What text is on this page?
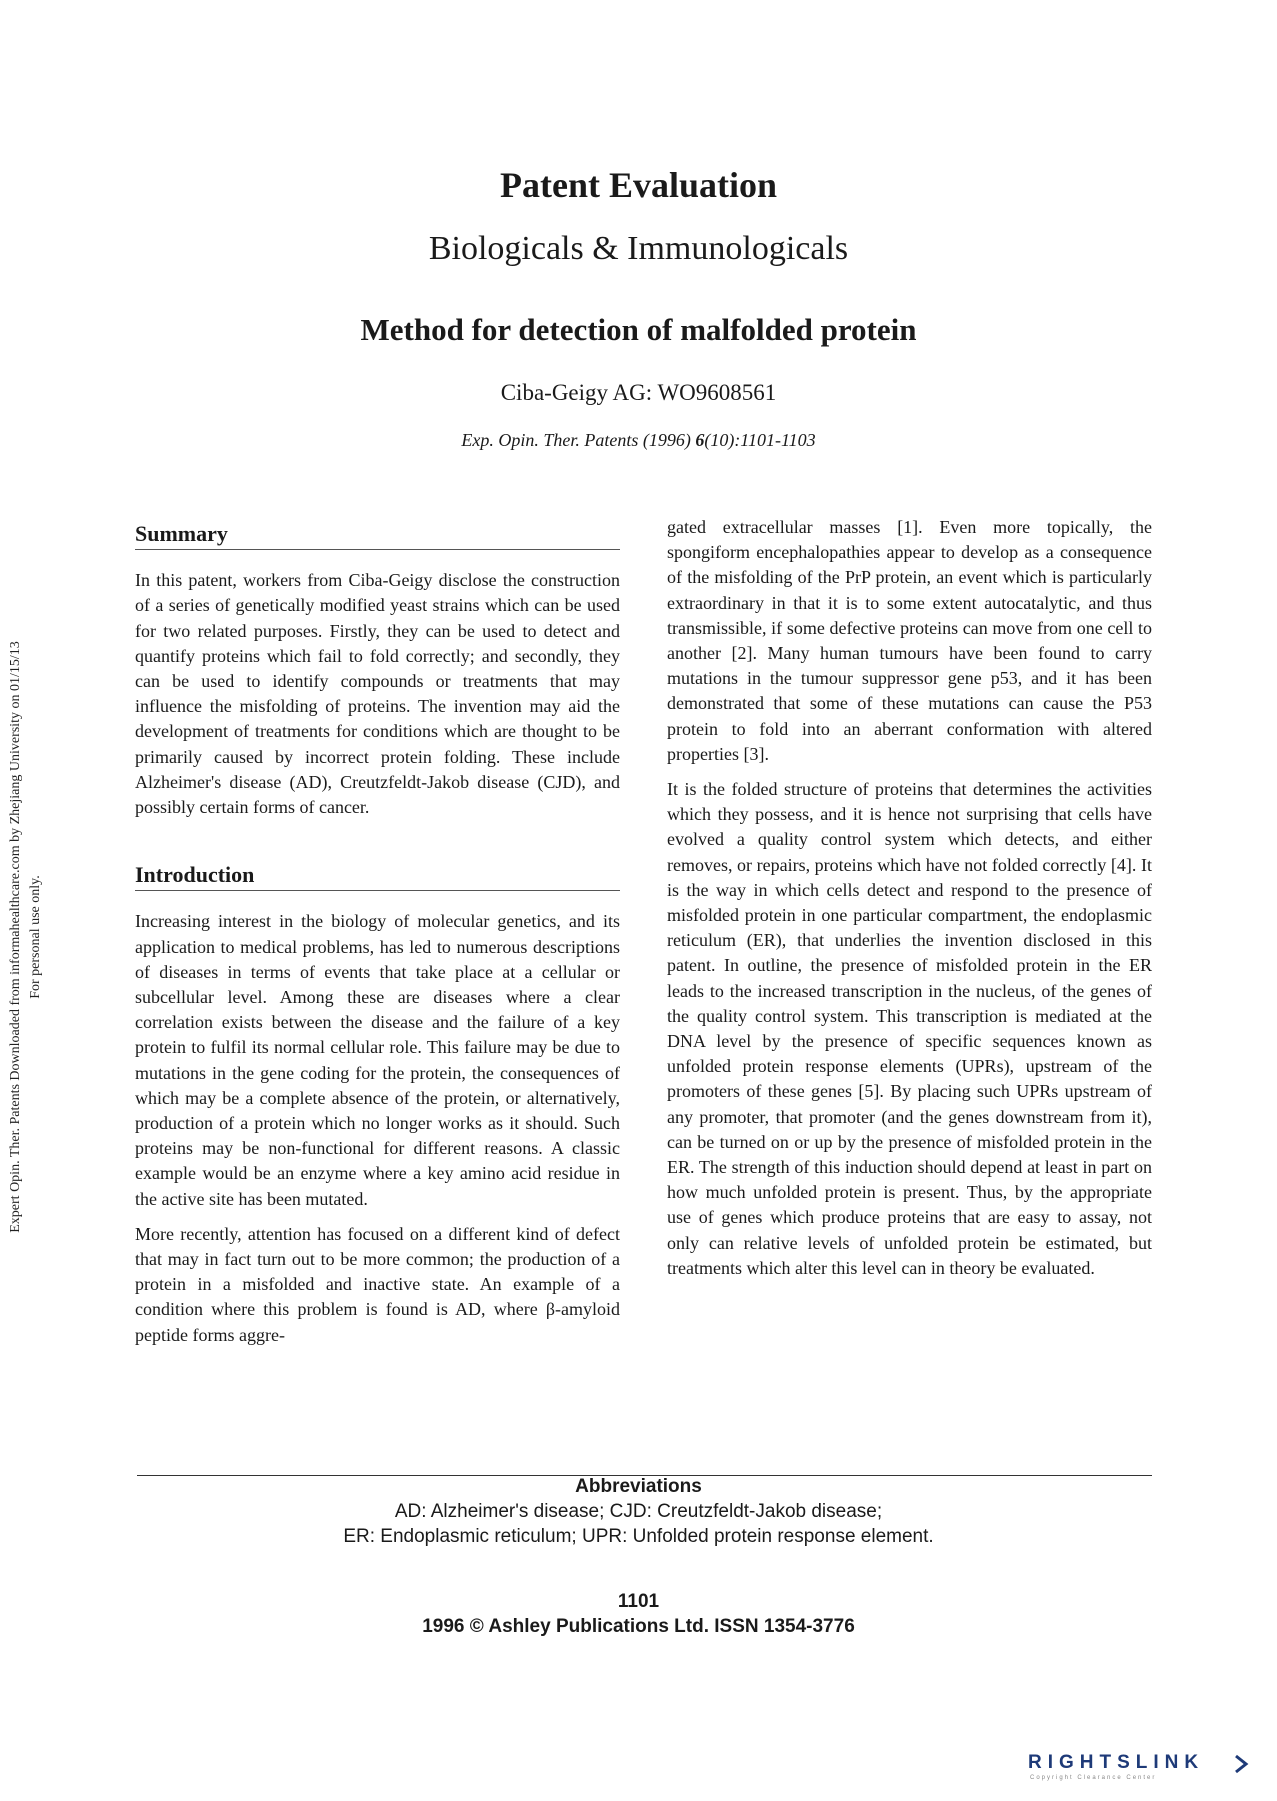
Expert Opin. Ther. Patents Downloaded from informahealthcare.com by Zhejiang University on 01/15/13 For personal use only.
Patent Evaluation
Biologicals & Immunologicals
Method for detection of malfolded protein
Ciba-Geigy AG: WO9608561
Exp. Opin. Ther. Patents (1996) 6(10):1101-1103
Summary

In this patent, workers from Ciba-Geigy disclose the construction of a series of genetically modified yeast strains which can be used for two related purposes. Firstly, they can be used to detect and quantify proteins which fail to fold correctly; and secondly, they can be used to identify compounds or treatments that may influence the misfolding of proteins. The invention may aid the development of treatments for conditions which are thought to be primarily caused by incorrect protein folding. These include Alzheimer's disease (AD), Creutzfeldt-Jakob disease (CJD), and possibly certain forms of cancer.

Introduction

Increasing interest in the biology of molecular genetics, and its application to medical problems, has led to numerous descriptions of diseases in terms of events that take place at a cellular or subcellular level. Among these are diseases where a clear correlation exists between the disease and the failure of a key protein to fulfil its normal cellular role. This failure may be due to mutations in the gene coding for the protein, the consequences of which may be a complete absence of the protein, or alternatively, production of a protein which no longer works as it should. Such proteins may be non-functional for different reasons. A classic example would be an enzyme where a key amino acid residue in the active site has been mutated.

More recently, attention has focused on a different kind of defect that may in fact turn out to be more common; the production of a protein in a misfolded and inactive state. An example of a condition where this problem is found is AD, where β-amyloid peptide forms aggre-

gated extracellular masses [1]. Even more topically, the spongiform encephalopathies appear to develop as a consequence of the misfolding of the PrP protein, an event which is particularly extraordinary in that it is to some extent autocatalytic, and thus transmissible, if some defective proteins can move from one cell to another [2]. Many human tumours have been found to carry mutations in the tumour suppressor gene p53, and it has been demonstrated that some of these mutations can cause the P53 protein to fold into an aberrant conformation with altered properties [3].

It is the folded structure of proteins that determines the activities which they possess, and it is hence not surprising that cells have evolved a quality control system which detects, and either removes, or repairs, proteins which have not folded correctly [4]. It is the way in which cells detect and respond to the presence of misfolded protein in one particular compartment, the endoplasmic reticulum (ER), that underlies the invention disclosed in this patent. In outline, the presence of misfolded protein in the ER leads to the increased transcription in the nucleus, of the genes of the quality control system. This transcription is mediated at the DNA level by the presence of specific sequences known as unfolded protein response elements (UPRs), upstream of the promoters of these genes [5]. By placing such UPRs upstream of any promoter, that promoter (and the genes downstream from it), can be turned on or up by the presence of misfolded protein in the ER. The strength of this induction should depend at least in part on how much unfolded protein is present. Thus, by the appropriate use of genes which produce proteins that are easy to assay, not only can relative levels of unfolded protein be estimated, but treatments which alter this level can in theory be evaluated.

Abbreviations
AD: Alzheimer's disease; CJD: Creutzfeldt-Jakob disease;
ER: Endoplasmic reticulum; UPR: Unfolded protein response element.
1101
1996 © Ashley Publications Ltd. ISSN 1354-3776
RIGHTSLINK
Copyright Clearance Center
